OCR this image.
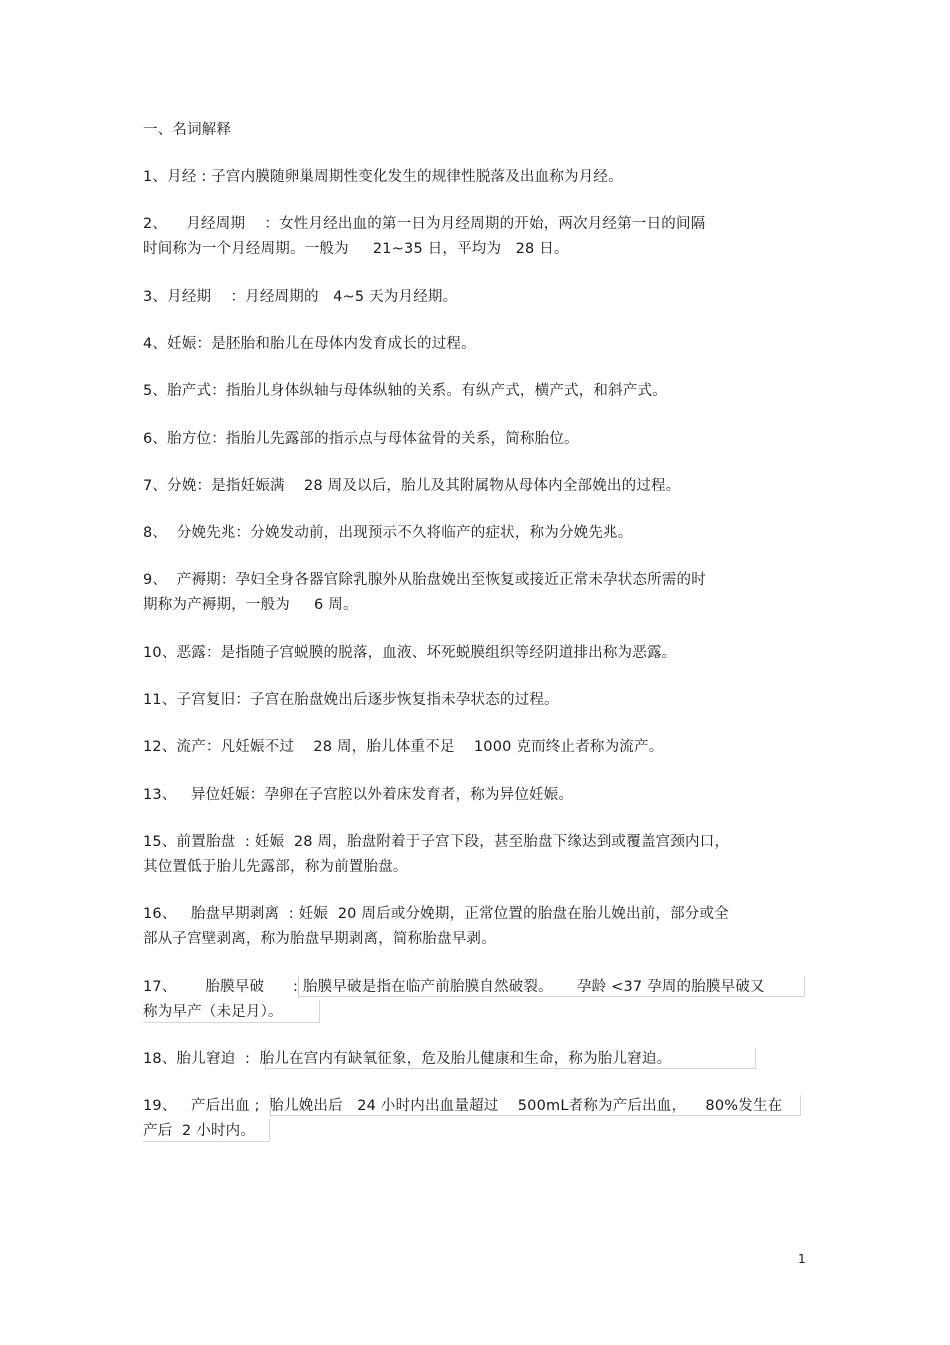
一、名词解释
1、月经 : 子宫内膜随卵巢周期性变化发生的规律性脱落及出血称为月经。
2、    月经周期    ：女性月经出血的第一日为月经周期的开始，两次月经第一日的间隔
时间称为一个月经周期。一般为     21~35 日，平均为   28 日。
3、月经期    ：月经周期的   4~5 天为月经期。
4、妊娠：是胚胎和胎儿在母体内发育成长的过程。
5、胎产式：指胎儿身体纵轴与母体纵轴的关系。有纵产式，横产式，和斜产式。
6、胎方位：指胎儿先露部的指示点与母体盆骨的关系，简称胎位。
7、分娩：是指妊娠满    28 周及以后，胎儿及其附属物从母体内全部娩出的过程。
8、  分娩先兆：分娩发动前，出现预示不久将临产的症状，称为分娩先兆。
9、  产褥期：孕妇全身各器官除乳腺外从胎盘娩出至恢复或接近正常未孕状态所需的时
期称为产褥期，一般为     6 周。
10、恶露：是指随子宫蜕膜的脱落，血液、坏死蜕膜组织等经阴道排出称为恶露。
11、子宫复旧：子宫在胎盘娩出后逐步恢复指未孕状态的过程。
12、流产：凡妊娠不过    28 周，胎儿体重不足    1000 克而终止者称为流产。
13、   异位妊娠：孕卵在子宫腔以外着床发育者，称为异位妊娠。
15、前置胎盘  : 妊娠  28 周，胎盘附着于子宫下段，甚至胎盘下缘达到或覆盖宫颈内口，
其位置低于胎儿先露部，称为前置胎盘。
16、   胎盘早期剥离  : 妊娠  20 周后或分娩期，正常位置的胎盘在胎儿娩出前，部分或全
部从子宫壁剥离，称为胎盘早期剥离，简称胎盘早剥。
17、      胎膜早破      : 胎膜早破是指在临产前胎膜自然破裂。     孕龄 <37 孕周的胎膜早破又
称为早产（未足月）。
18、胎儿窘迫  :  胎儿在宫内有缺氧征象，危及胎儿健康和生命，称为胎儿窘迫。
19、   产后出血 ;  胎儿娩出后   24 小时内出血量超过    500mL者称为产后出血，    80%发生在
产后  2 小时内。
1
